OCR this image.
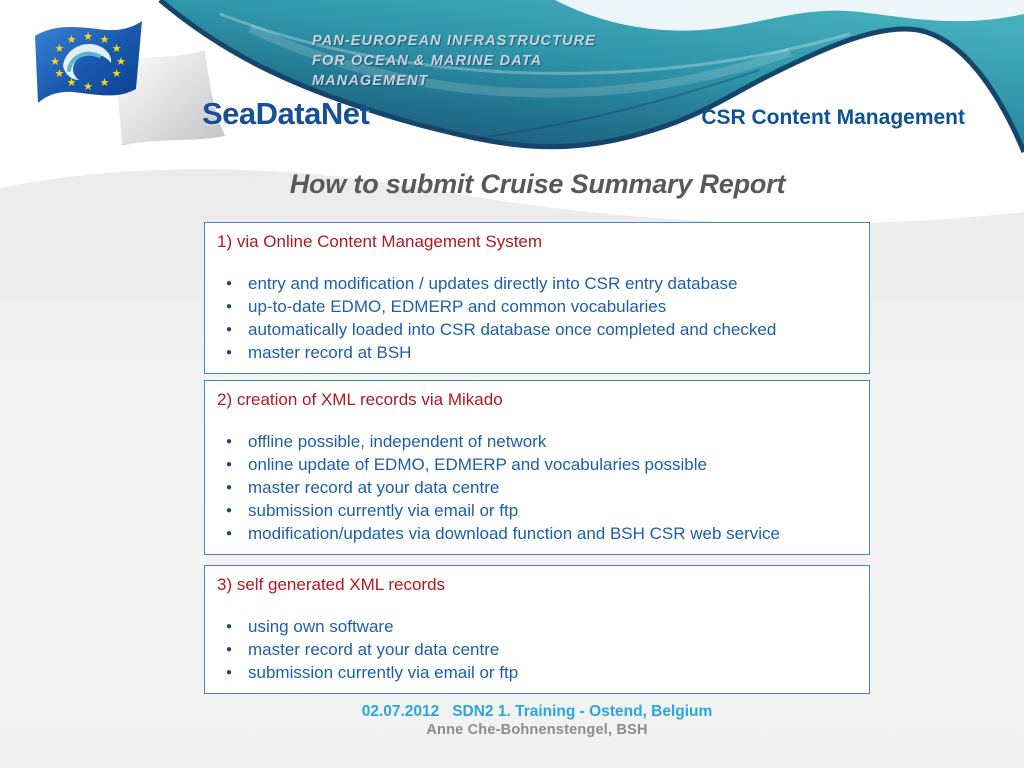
PAN-EUROPEAN INFRASTRUCTURE
FOR OCEAN & MARINE DATA
MANAGEMENT
★ ★
★
★
★
★
★
★
★
★
★
★
SeaDataNet	CSR Content Management
How to submit Cruise Summary Report
1) via Online Content Management System
● entry and modification / updates directly into CSR entry database
● up-to-date EDMO, EDMERP and common vocabularies
● automatically loaded into CSR database once completed and checked
● master record at BSH
2) creation of XML records via Mikado
● offline possible, independent of network
● online update of EDMO, EDMERP and vocabularies possible
● master record at your data centre
● submission currently via email or ftp
● modification/updates via download function and BSH CSR web service
3) self generated XML records
● using own software
● master record at your data centre
● submission currently via email or ftp
02.07.2012   SDN2 1. Training - Ostend, Belgium
Anne Che-Bohnenstengel, BSH
